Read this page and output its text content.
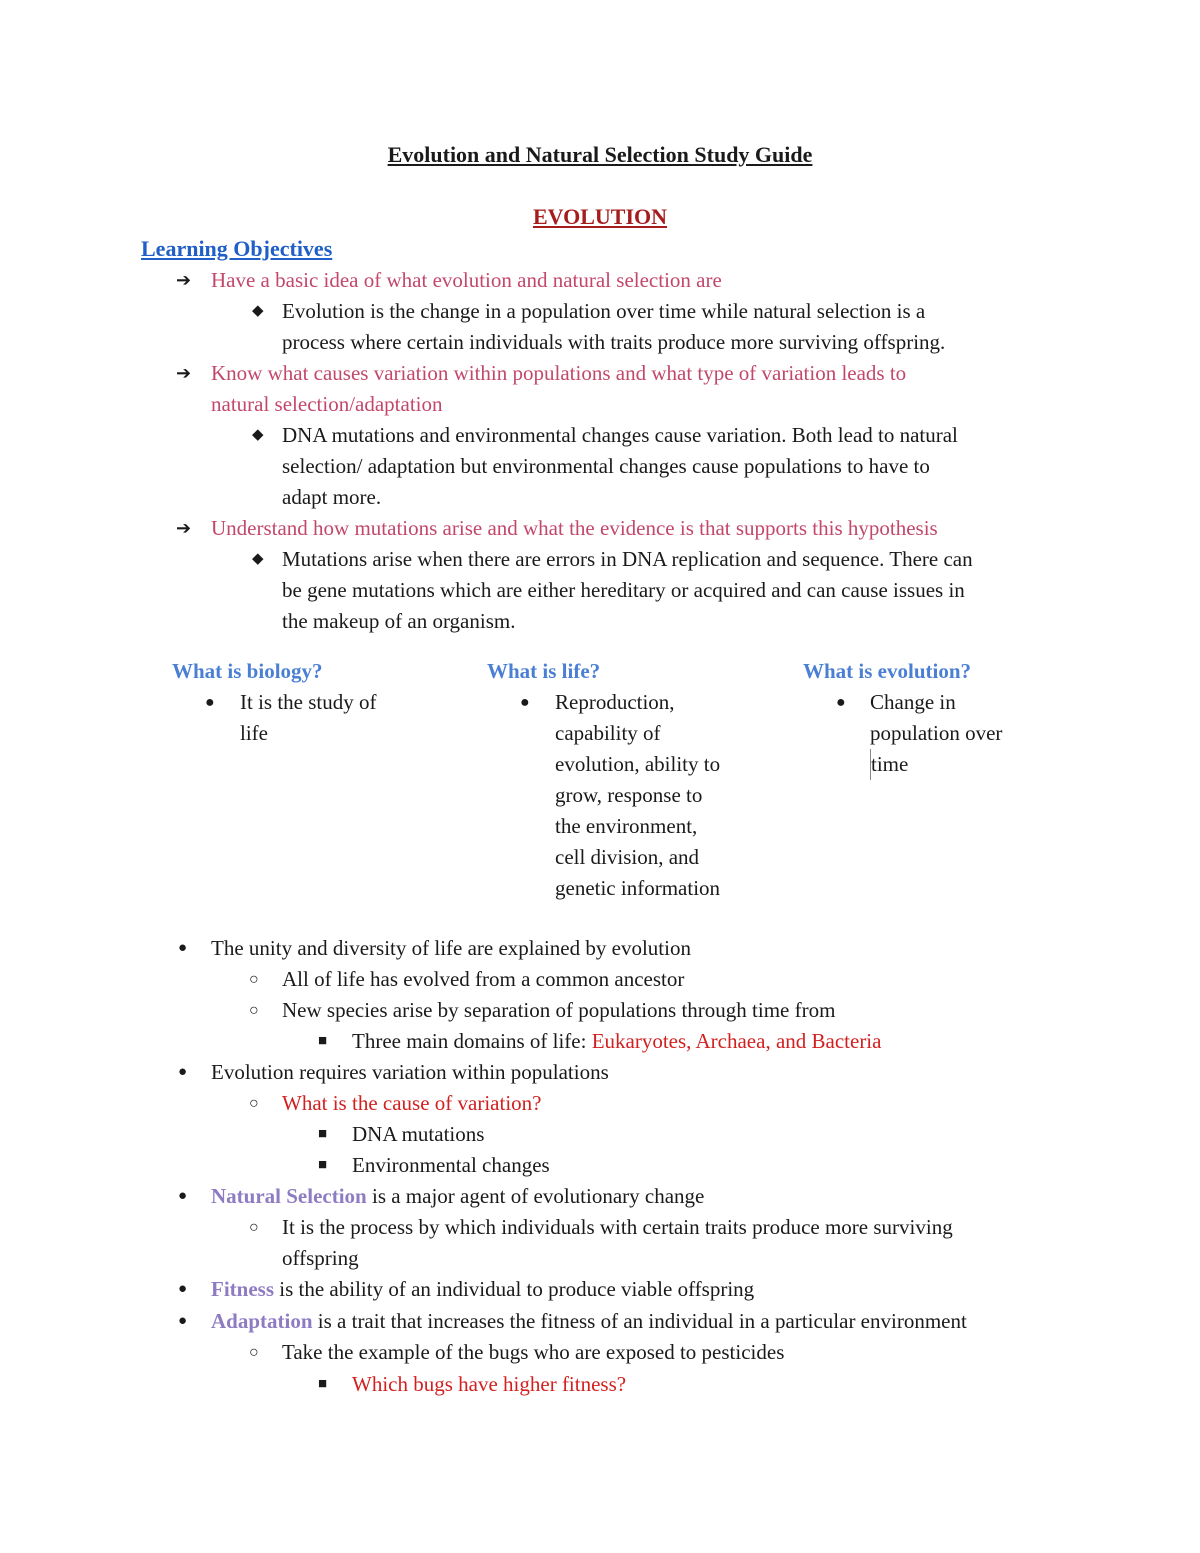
Evolution and Natural Selection Study Guide
EVOLUTION
Learning Objectives
➔ Have a basic idea of what evolution and natural selection are
◆ Evolution is the change in a population over time while natural selection is a
process where certain individuals with traits produce more surviving offspring.
➔ Know what causes variation within populations and what type of variation leads to
natural selection/adaptation
◆ DNA mutations and environmental changes cause variation. Both lead to natural
selection/ adaptation but environmental changes cause populations to have to
adapt more.
➔ Understand how mutations arise and what the evidence is that supports this hypothesis
◆ Mutations arise when there are errors in DNA replication and sequence. There can
be gene mutations which are either hereditary or acquired and can cause issues in
the makeup of an organism.
What is biology?
● It is the study of
life
What is life?
● Reproduction,
capability of
evolution, ability to
grow, response to
the environment,
cell division, and
genetic information
What is evolution?
● Change in
population over
time
● The unity and diversity of life are explained by evolution
○ All of life has evolved from a common ancestor
○ New species arise by separation of populations through time from
■ Three main domains of life: Eukaryotes, Archaea, and Bacteria
● Evolution requires variation within populations
○ What is the cause of variation?
■ DNA mutations
■ Environmental changes
● Natural Selection is a major agent of evolutionary change
○ It is the process by which individuals with certain traits produce more surviving
offspring
● Fitness is the ability of an individual to produce viable offspring
● Adaptation is a trait that increases the fitness of an individual in a particular environment
○ Take the example of the bugs who are exposed to pesticides
■ Which bugs have higher fitness?
